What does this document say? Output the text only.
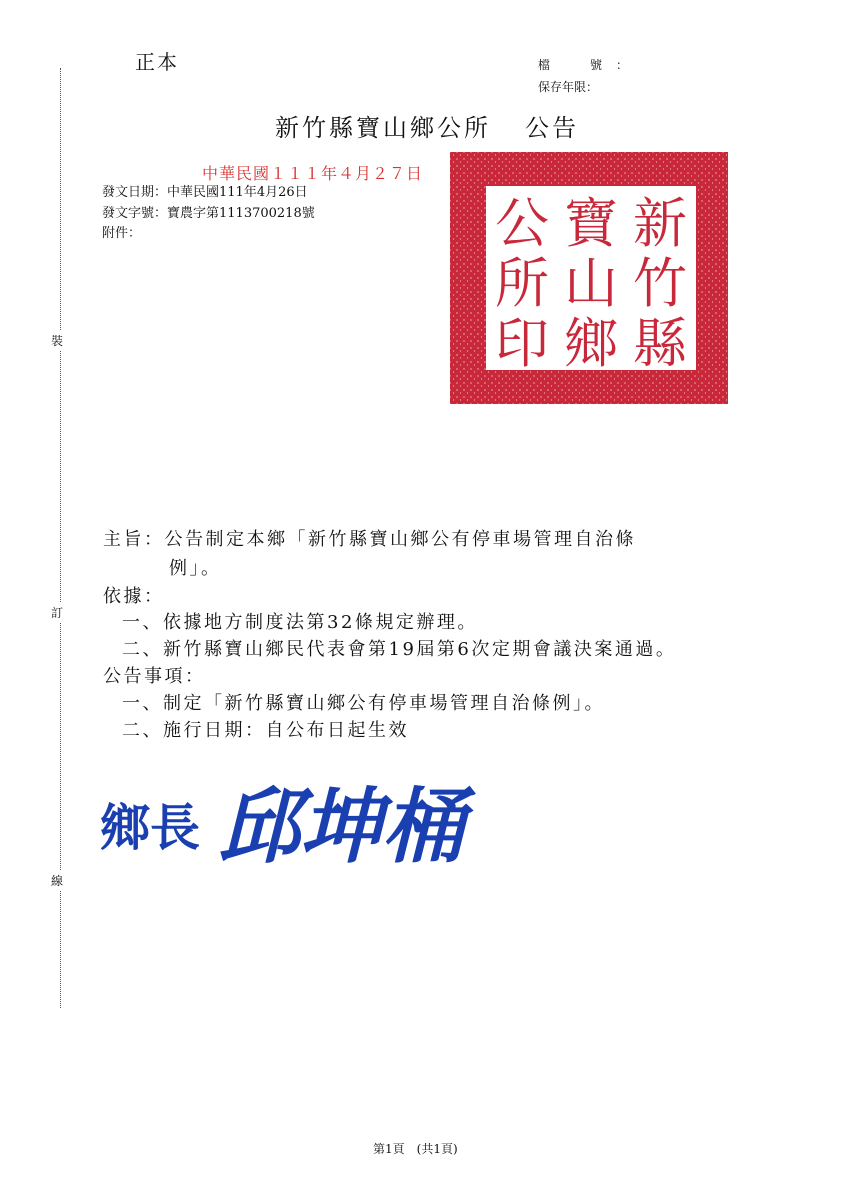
正本	檔　號：
保存年限：
新竹縣寶山鄉公所 公告
中華民國１１１年４月２７日
發文日期：中華民國111年4月26日
發文字號：寶農字第1113700218號
附件：	新
竹
縣
寶
山
鄉
公
所
印
裝
訂
線
主旨：公告制定本鄉「新竹縣寶山鄉公有停車場管理自治條
例」。
依據：
一、依據地方制度法第32條規定辦理。
二、新竹縣寶山鄉民代表會第19屆第6次定期會議決案通過。
公告事項：
一、制定「新竹縣寶山鄉公有停車場管理自治條例」。
二、施行日期：自公布日起生效
鄉長 邱坤桶
第1頁　(共1頁)
